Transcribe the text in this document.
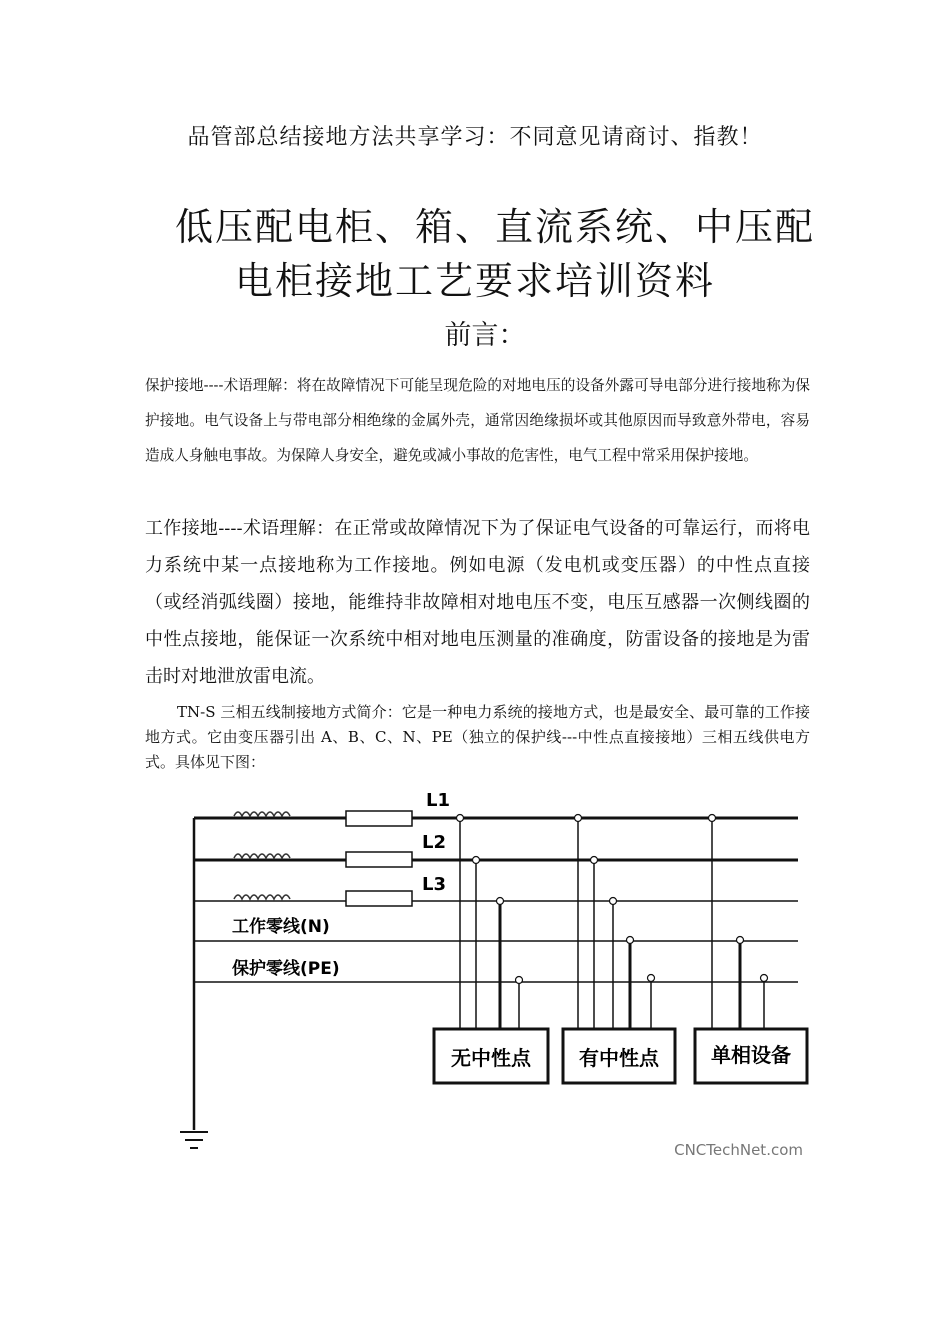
品管部总结接地方法共享学习：不同意见请商讨、指教！
低压配电柜、箱、直流系统、中压配
电柜接地工艺要求培训资料
前言：
保护接地----术语理解：将在故障情况下可能呈现危险的对地电压的设备外露可导电部分进行接地称为保护接地。电气设备上与带电部分相绝缘的金属外壳，通常因绝缘损坏或其他原因而导致意外带电，容易造成人身触电事故。为保障人身安全，避免或减小事故的危害性，电气工程中常采用保护接地。
工作接地----术语理解：在正常或故障情况下为了保证电气设备的可靠运行，而将电力系统中某一点接地称为工作接地。例如电源（发电机或变压器）的中性点直接（或经消弧线圈）接地，能维持非故障相对地电压不变，电压互感器一次侧线圈的中性点接地，能保证一次系统中相对地电压测量的准确度，防雷设备的接地是为雷击时对地泄放雷电流。
TN-S 三相五线制接地方式简介：它是一种电力系统的接地方式，也是最安全、最可靠的工作接地方式。它由变压器引出 A、B、C、N、PE（独立的保护线---中性点直接接地）三相五线供电方式。具体见下图：
L1
L2
L3
工作零线(N)
保护零线(PE)
无中性点 有中性点	单相设备
CNCTechNet.com
